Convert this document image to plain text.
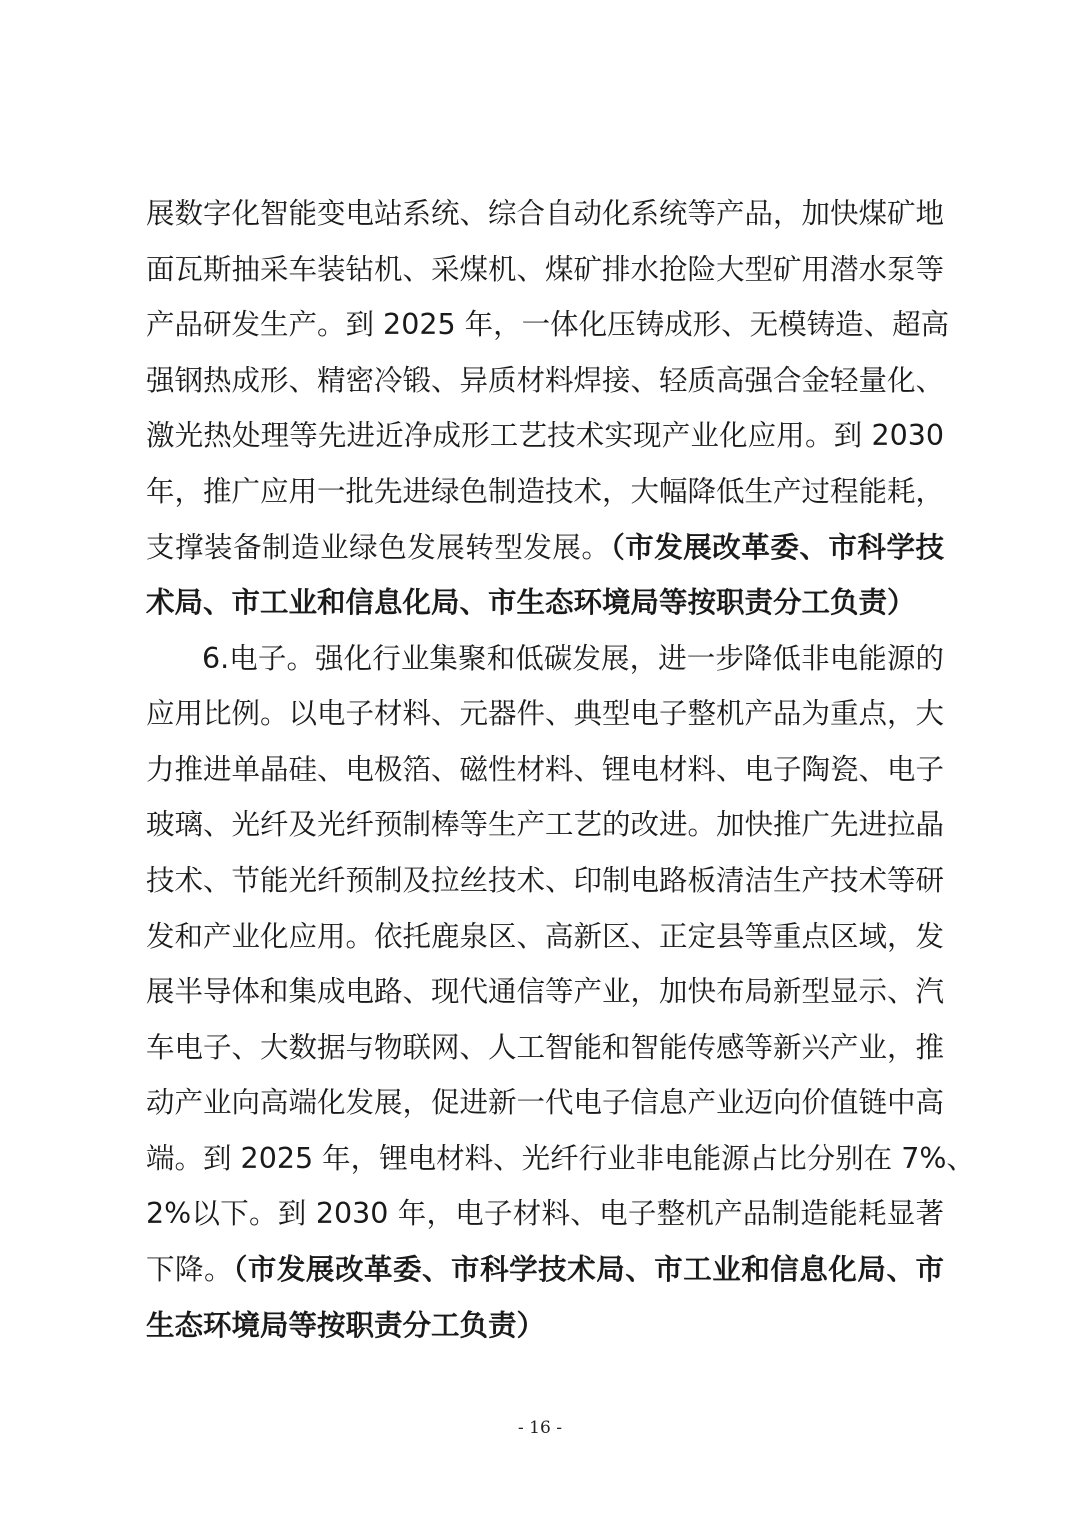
展数字化智能变电站系统、综合自动化系统等产品，加快煤矿地
面瓦斯抽采车装钻机、采煤机、煤矿排水抢险大型矿用潜水泵等
产品研发生产。到 2025 年，一体化压铸成形、无模铸造、超高
强钢热成形、精密冷锻、异质材料焊接、轻质高强合金轻量化、
激光热处理等先进近净成形工艺技术实现产业化应用。到 2030
年，推广应用一批先进绿色制造技术，大幅降低生产过程能耗，
支撑装备制造业绿色发展转型发展。（市发展改革委、市科学技
术局、市工业和信息化局、市生态环境局等按职责分工负责）
6.电子。强化行业集聚和低碳发展，进一步降低非电能源的
应用比例。以电子材料、元器件、典型电子整机产品为重点，大
力推进单晶硅、电极箔、磁性材料、锂电材料、电子陶瓷、电子
玻璃、光纤及光纤预制棒等生产工艺的改进。加快推广先进拉晶
技术、节能光纤预制及拉丝技术、印制电路板清洁生产技术等研
发和产业化应用。依托鹿泉区、高新区、正定县等重点区域，发
展半导体和集成电路、现代通信等产业，加快布局新型显示、汽
车电子、大数据与物联网、人工智能和智能传感等新兴产业，推
动产业向高端化发展，促进新一代电子信息产业迈向价值链中高
端。到 2025 年，锂电材料、光纤行业非电能源占比分别在 7%、
2%以下。到 2030 年，电子材料、电子整机产品制造能耗显著
下降。（市发展改革委、市科学技术局、市工业和信息化局、市
生态环境局等按职责分工负责）
- 16 -
